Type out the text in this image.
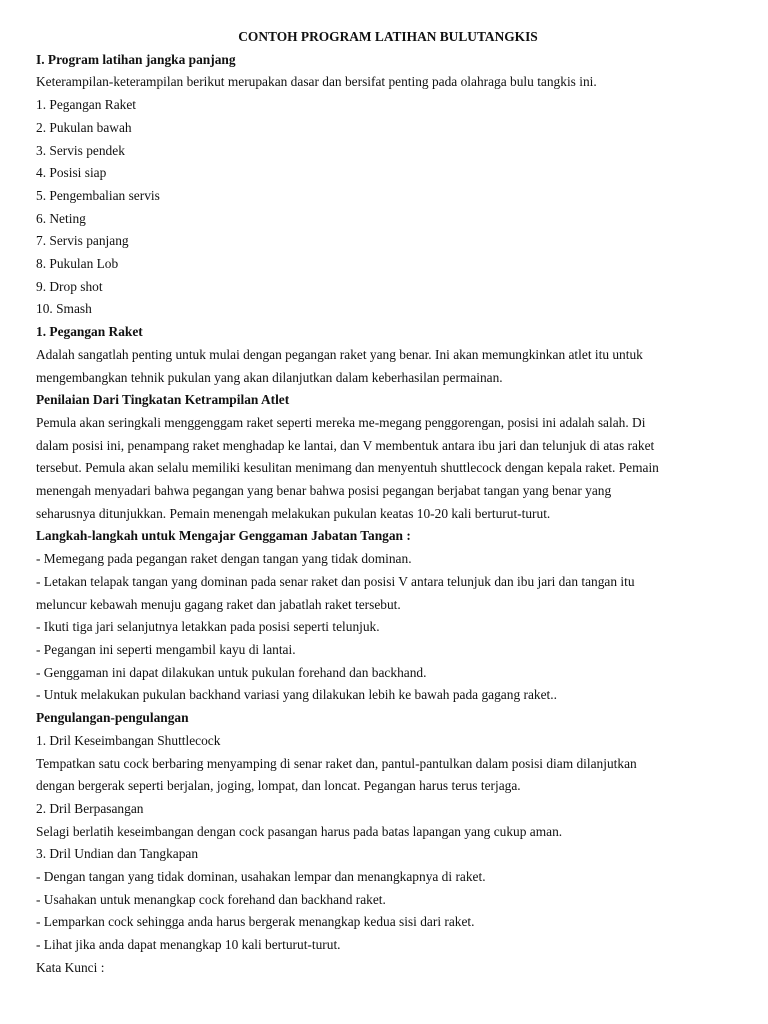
CONTOH PROGRAM LATIHAN BULUTANGKIS

I. Program latihan jangka panjang

Keterampilan-keterampilan berikut merupakan dasar dan bersifat penting pada olahraga bulu tangkis ini.

1. Pegangan Raket

2. Pukulan bawah

3. Servis pendek

4. Posisi siap

5. Pengembalian servis

6. Neting

7. Servis panjang

8. Pukulan Lob

9. Drop shot

10. Smash

1. Pegangan Raket

Adalah sangatlah penting untuk mulai dengan pegangan raket yang benar. Ini akan memungkinkan atlet itu untuk

mengembangkan tehnik pukulan yang akan dilanjutkan dalam keberhasilan permainan.

Penilaian Dari Tingkatan Ketrampilan Atlet

Pemula akan seringkali menggenggam raket seperti mereka me-megang penggorengan, posisi ini adalah salah. Di

dalam posisi ini, penampang raket menghadap ke lantai, dan V membentuk antara ibu jari dan telunjuk di atas raket

tersebut. Pemula akan selalu memiliki kesulitan menimang dan menyentuh shuttlecock dengan kepala raket. Pemain

menengah menyadari bahwa pegangan yang benar bahwa posisi pegangan berjabat tangan yang benar yang

seharusnya ditunjukkan. Pemain menengah melakukan pukulan keatas 10-20 kali berturut-turut.

Langkah-langkah untuk Mengajar Genggaman Jabatan Tangan :

- Memegang pada pegangan raket dengan tangan yang tidak dominan.

- Letakan telapak tangan yang dominan pada senar raket dan posisi V antara telunjuk dan ibu jari dan tangan itu

meluncur kebawah menuju gagang raket dan jabatlah raket tersebut.

- Ikuti tiga jari selanjutnya letakkan pada posisi seperti telunjuk.

- Pegangan ini seperti mengambil kayu di lantai.

- Genggaman ini dapat dilakukan untuk pukulan forehand dan backhand.

- Untuk melakukan pukulan backhand variasi yang dilakukan lebih ke bawah pada gagang raket..

Pengulangan-pengulangan

1. Dril Keseimbangan Shuttlecock

Tempatkan satu cock berbaring menyamping di senar raket dan, pantul-pantulkan dalam posisi diam dilanjutkan

dengan bergerak seperti berjalan, joging, lompat, dan loncat. Pegangan harus terus terjaga.

2. Dril Berpasangan

Selagi berlatih keseimbangan dengan cock pasangan harus pada batas lapangan yang cukup aman.

3. Dril Undian dan Tangkapan

- Dengan tangan yang tidak dominan, usahakan lempar dan menangkapnya di raket.

- Usahakan untuk menangkap cock forehand dan backhand raket.

- Lemparkan cock sehingga anda harus bergerak menangkap kedua sisi dari raket.

- Lihat jika anda dapat menangkap 10 kali berturut-turut.

Kata Kunci :
